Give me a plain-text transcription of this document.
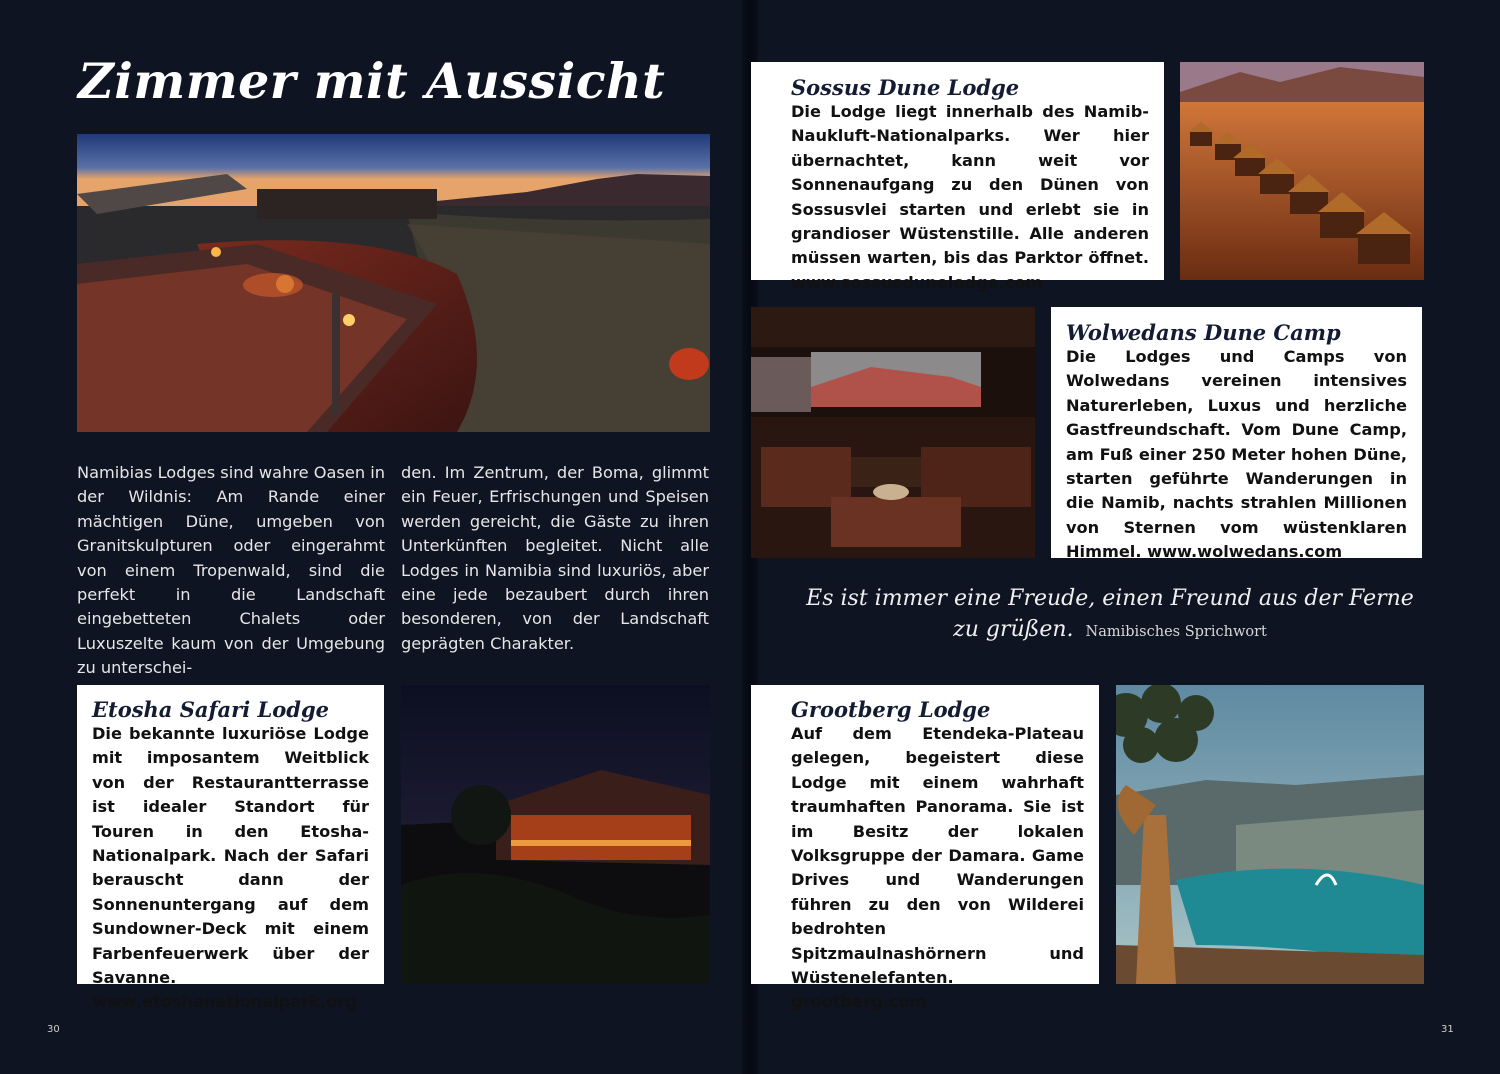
Zimmer mit Aussicht

Namibias Lodges sind wahre Oasen in der Wildnis: Am Rande einer mächtigen Düne, umgeben von Granitskulpturen oder eingerahmt von einem Tropenwald, sind die perfekt in die Landschaft eingebetteten Chalets oder Luxuszelte kaum von der Umgebung zu unterschei-

den. Im Zentrum, der Boma, glimmt ein Feuer, Erfrischungen und Speisen werden gereicht, die Gäste zu ihren Unterkünften begleitet. Nicht alle Lodges in Namibia sind luxuriös, aber eine jede bezaubert durch ihren besonderen, von der Landschaft geprägten Charakter.

Etosha Safari Lodge

Die bekannte luxuriöse Lodge mit imposantem Weitblick von der Restaurantterrasse ist idealer Standort für Touren in den Etosha-Nationalpark. Nach der Safari berauscht dann der Sonnenuntergang auf dem Sundowner-Deck mit einem Farbenfeuerwerk über der Savanne.

www.etoshanationalpark.org

Sossus Dune Lodge

Die Lodge liegt innerhalb des Namib-Naukluft-Nationalparks. Wer hier übernachtet, kann weit vor Sonnenaufgang zu den Dünen von Sossusvlei starten und erlebt sie in grandioser Wüstenstille. Alle anderen müssen warten, bis das Parktor öffnet. www.sossusdunelodge.com

Wolwedans Dune Camp

Die Lodges und Camps von Wolwedans vereinen intensives Naturerleben, Luxus und herzliche Gastfreundschaft. Vom Dune Camp, am Fuß einer 250 Meter hohen Düne, starten geführte Wanderungen in die Namib, nachts strahlen Millionen von Sternen vom wüstenklaren Himmel. www.wolwedans.com

Es ist immer eine Freude, einen Freund aus der Ferne zu grüßen. Namibisches Sprichwort

Grootberg Lodge

Auf dem Etendeka-Plateau gelegen, begeistert diese Lodge mit einem wahrhaft traumhaften Panorama. Sie ist im Besitz der lokalen Volksgruppe der Damara. Game Drives und Wanderungen führen zu den von Wilderei bedrohten Spitzmaulnashörnern und Wüstenelefanten.

grootberg.com

30	31
